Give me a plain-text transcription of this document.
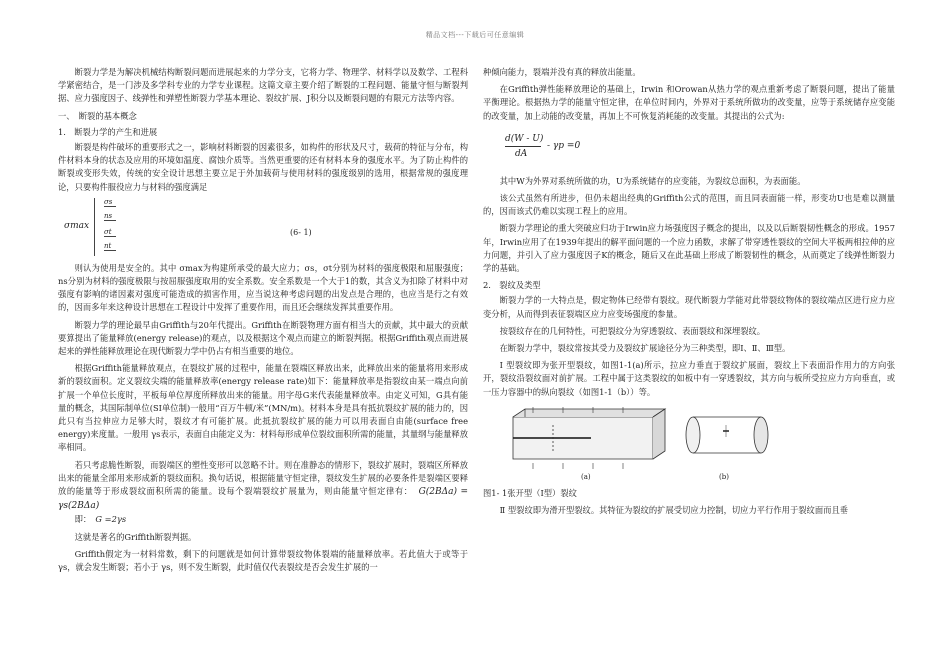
精品文档---下载后可任意编辑

断裂力学是为解决机械结构断裂问题而进展起来的力学分支，它将力学、物理学、材料学以及数学、工程科学紧密结合，是一门涉及多学科专业的力学专业课程。这篇文章主要介绍了断裂的工程问题、能量守恒与断裂判据、应力强度因子、线弹性和弹塑性断裂力学基本理论、裂纹扩展、J积分以及断裂问题的有限元方法等内容。

一、　断裂的基本概念

1.　断裂力学的产生和进展

断裂是构件破坏的重要形式之一，影响材料断裂的因素很多，如构件的形状及尺寸，载荷的特征与分布，构件材料本身的状态及应用的环境如温度、腐蚀介质等。当然更重要的还有材料本身的强度水平。为了防止构件的断裂或变形失效，传统的安全设计思想主要立足于外加载荷与使用材料的强度级别的选用，根据常规的强度理论，只要构件服役应力与材料的强度满足

σmax
σs
ns
σt
nt
(6- 1)

则认为使用是安全的。其中 σmax为构建所承受的最大应力；σs，σt分别为材料的强度极限和屈服强度；ns分别为材料的强度极限与按屈服强度取用的安全系数。安全系数是一个大于1的数，其含义为扣除了材料中对强度有影响的诸因素对强度可能造成的损害作用，应当说这种考虑问题的出发点是合理的，也应当是行之有效的，因而多年来这种设计思想在工程设计中发挥了重要作用，而且还会继续发挥其重要作用。

断裂力学的理论最早由Griffith与20年代提出。Griffith在断裂物理方面有相当大的贡献，其中最大的贡献要算提出了能量释放(energy release)的观点，以及根据这个观点而建立的断裂判据。根据Griffith观点而进展起来的弹性能释放理论在现代断裂力学中仍占有相当重要的地位。

根据Griffith能量释放观点，在裂纹扩展的过程中，能量在裂端区释放出来，此释放出来的能量将用来形成新的裂纹面积。定义裂纹尖端的能量释放率(energy release rate)如下：能量释放率是指裂纹由某一端点向前扩展一个单位长度时，平板每单位厚度所释放出来的能量。用字母G来代表能量释放率。由定义可知，G具有能量的概念，其国际制单位(SI单位制)一般用“百万牛顿/米”(MN/m)。材料本身是具有抵抗裂纹扩展的能力的，因此只有当拉伸应力足够大时，裂纹才有可能扩展。此抵抗裂纹扩展的能力可以用表面自由能(surface free energy)来度量。一般用 γs表示，表面自由能定义为：材料每形成单位裂纹面积所需的能量，其量纲与能量释放率相同。

若只考虑脆性断裂，而裂端区的塑性变形可以忽略不计。则在准静态的情形下，裂纹扩展时，裂端区所释放出来的能量全部用来形成新的裂纹面积。换句话说，根据能量守恒定律，裂纹发生扩展的必要条件是裂端区要释放的能量等于形成裂纹面积所需的能量。设每个裂端裂纹扩展量为，则由能量守恒定律有： G(2BΔa) = γs(2BΔa)

即：　 G =2γs

这就是著名的Griffith断裂判据。

Griffith假定为一材料常数，剩下的问题就是如何计算带裂纹物体裂端的能量释放率。若此值大于或等于 γs，就会发生断裂；若小于 γs，则不发生断裂，此时值仅代表裂纹是否会发生扩展的一

种倾向能力，裂端并没有真的释放出能量。

在Griffith弹性能释放理论的基础上，Irwin 和Orowan从热力学的观点重新考虑了断裂问题，提出了能量平衡理论。根据热力学的能量守恒定律，在单位时间内，外界对于系统所做功的改变量，应等于系统储存应变能的改变量，加上动能的改变量，再加上不可恢复消耗能的改变量。其提出的公式为:

d(W - U)
dA
- γp =0

其中W为外界对系统所做的功，U为系统储存的应变能，为裂纹总面积，为表面能。

该公式虽然有所进步，但仍未超出经典的Griffith公式的范围，而且同表面能一样，形变功U也是难以测量的，因而该式仍难以实现工程上的应用。

断裂力学理论的重大突破应归功于Irwin应力场强度因子概念的提出，以及以后断裂韧性概念的形成。1957年，Irwin应用了在1939年提出的解平面问题的一个应力函数，求解了带穿透性裂纹的空间大平板两相拉伸的应力问题，并引入了应力强度因子K的概念，随后又在此基础上形成了断裂韧性的概念，从而奠定了线弹性断裂力学的基础。

2.　裂纹及类型

断裂力学的一大特点是，假定物体已经带有裂纹。现代断裂力学能对此带裂纹物体的裂纹端点区进行应力应变分析，从而得到表征裂端区应力应变场强度的参量。

按裂纹存在的几何特性，可把裂纹分为穿透裂纹、表面裂纹和深埋裂纹。

在断裂力学中，裂纹常按其受力及裂纹扩展途径分为三种类型，即Ⅰ、Ⅱ、Ⅲ型。

Ⅰ 型裂纹即为张开型裂纹，如图1-1(a)所示，拉应力垂直于裂纹扩展面，裂纹上下表面沿作用力的方向张开，裂纹沿裂纹面对前扩展。工程中属于这类裂纹的如板中有一穿透裂纹，其方向与板所受拉应力方向垂直，或一压力容器中的纵向裂纹（如图1-1（b））等。

(a)	(b)

图1- 1张开型（Ⅰ型）裂纹

Ⅱ 型裂纹即为滑开型裂纹。其特征为裂纹的扩展受切应力控制，切应力平行作用于裂纹面而且垂
